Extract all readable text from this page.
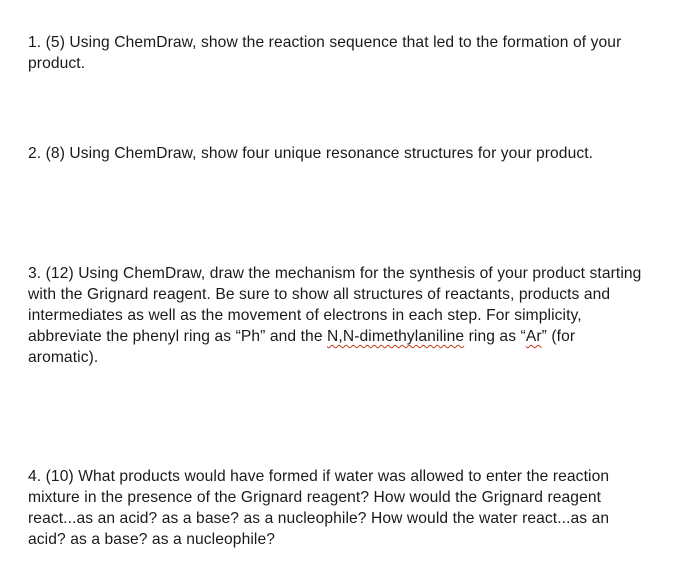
1. (5) Using ChemDraw, show the reaction sequence that led to the formation of your
product.
2. (8) Using ChemDraw, show four unique resonance structures for your product.
3. (12) Using ChemDraw, draw the mechanism for the synthesis of your product starting
with the Grignard reagent. Be sure to show all structures of reactants, products and
intermediates as well as the movement of electrons in each step. For simplicity,
abbreviate the phenyl ring as “Ph” and the N,N-dimethylaniline ring as “Ar” (for
aromatic).
4. (10) What products would have formed if water was allowed to enter the reaction
mixture in the presence of the Grignard reagent? How would the Grignard reagent
react...as an acid? as a base? as a nucleophile? How would the water react...as an
acid? as a base? as a nucleophile?
